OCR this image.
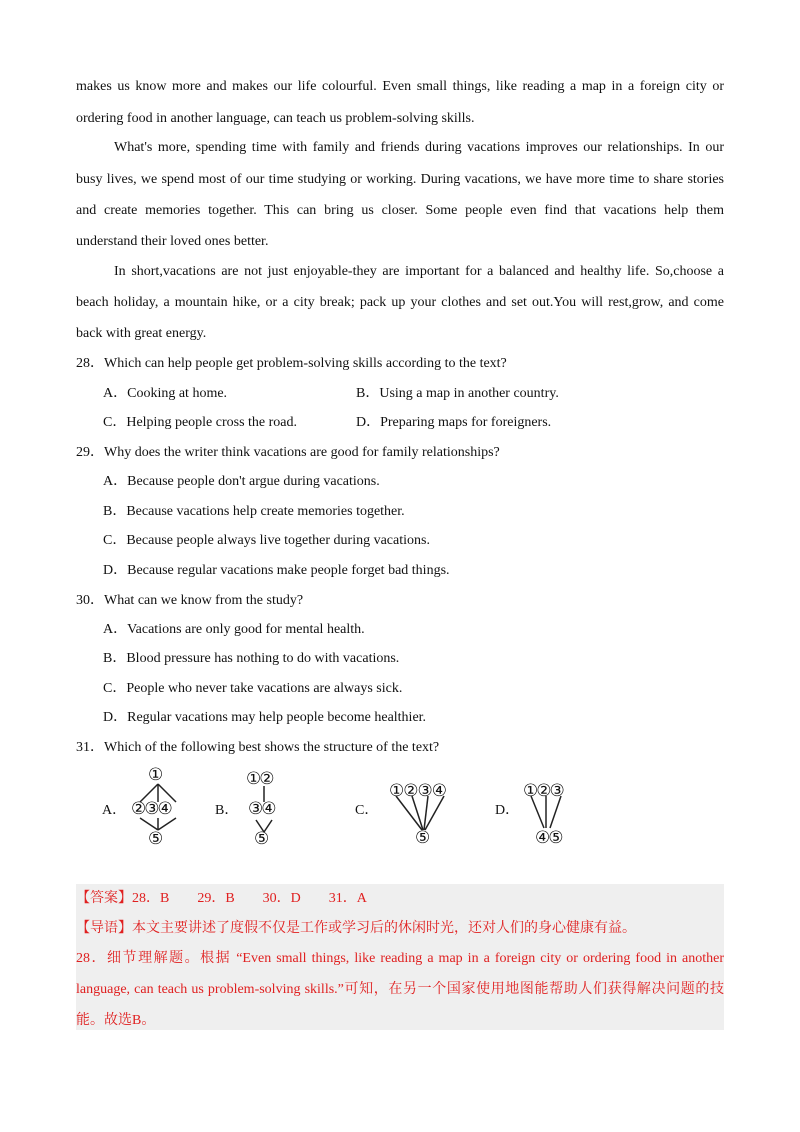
makes us know more and makes our life colourful. Even small things, like reading a map in a foreign city or
ordering food in another language, can teach us problem-solving skills.
What's more, spending time with family and friends during vacations improves our relationships. In our
busy lives, we spend most of our time studying or working. During vacations, we have more time to share stories
and create memories together. This can bring us closer. Some people even find that vacations help them
understand their loved ones better.
In short,vacations are not just enjoyable-they are important for a balanced and healthy life. So,choose a
beach holiday, a mountain hike, or a city break; pack up your clothes and set out.You will rest,grow, and come
back with great energy.
28．Which can help people get problem-solving skills according to the text?
A．Cooking at home.	B．Using a map in another country.
C．Helping people cross the road.	D．Preparing maps for foreigners.
29．Why does the writer think vacations are good for family relationships?
A．Because people don't argue during vacations.
B．Because vacations help create memories together.
C．Because people always live together during vacations.
D．Because regular vacations make people forget bad things.
30．What can we know from the study?
A．Vacations are only good for mental health.
B．Blood pressure has nothing to do with vacations.
C．People who never take vacations are always sick.
D．Regular vacations may help people become healthier.
31．Which of the following best shows the structure of the text?
A．
①
②③④
⑤
B．
①②
③④
⑤
C．
①②③④
⑤
D．
①②③
④⑤
【答案】28．B　　29．B　　30．D　　31．A
【导语】本文主要讲述了度假不仅是工作或学习后的休闲时光，还对人们的身心健康有益。
28．细节理解题。根据 “Even small things, like reading a map in a foreign city or ordering food in another
language, can teach us problem-solving skills.”可知，在另一个国家使用地图能帮助人们获得解决问题的技
能。故选B。
